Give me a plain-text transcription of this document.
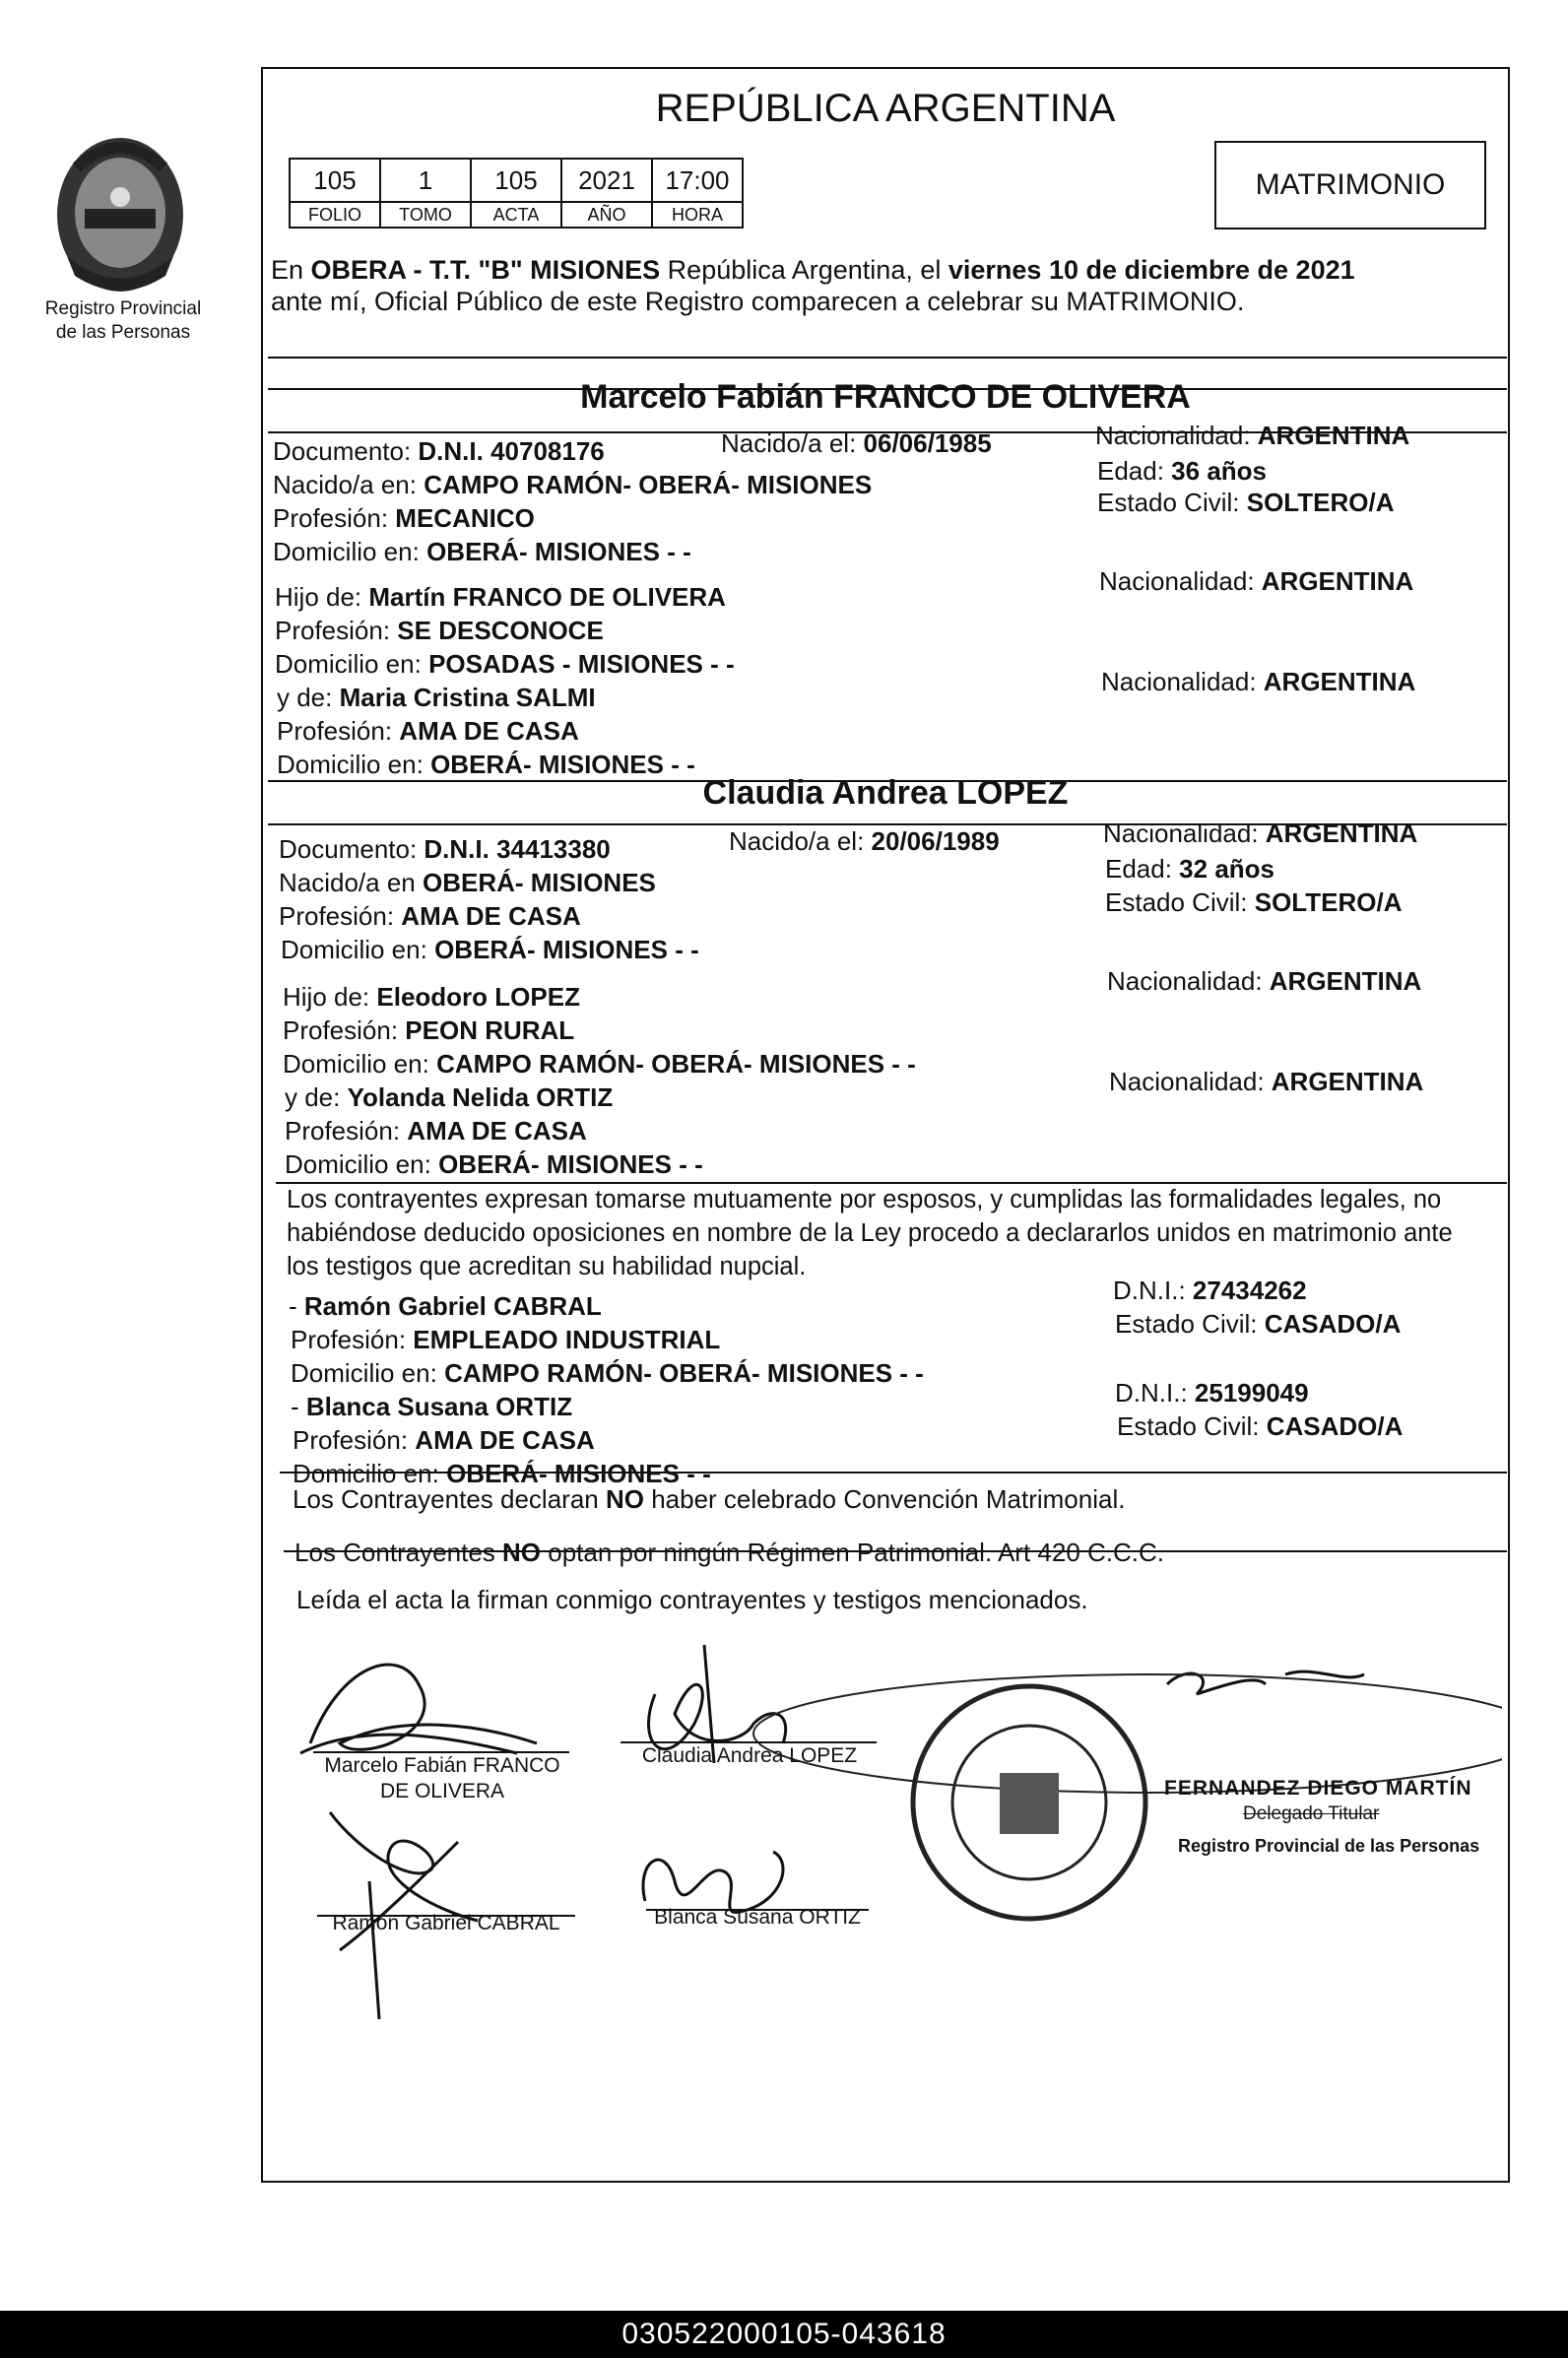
Registro Provincial
de las Personas
REPÚBLICA ARGENTINA
105	1	105	2021	17:00
FOLIO	TOMO	ACTA	AÑO	HORA
MATRIMONIO
En OBERA - T.T. "B" MISIONES República Argentina, el viernes 10 de diciembre de 2021
ante mí, Oficial Público de este Registro comparecen a celebrar su MATRIMONIO.
Marcelo Fabián FRANCO DE OLIVERA
Documento: D.N.I. 40708176	Nacido/a el: 06/06/1985	Nacionalidad: ARGENTINA
Nacido/a en: CAMPO RAMÓN- OBERÁ- MISIONES	Edad: 36 años
Estado Civil: SOLTERO/A
Profesión: MECANICO
Domicilio en: OBERÁ- MISIONES - -
Hijo de: Martín FRANCO DE OLIVERA
Nacionalidad: ARGENTINA
Profesión: SE DESCONOCE
Domicilio en: POSADAS - MISIONES - -
y de: Maria Cristina SALMI
Nacionalidad: ARGENTINA
Profesión: AMA DE CASA
Domicilio en: OBERÁ- MISIONES - -
Claudia Andrea LOPEZ
Documento: D.N.I. 34413380	Nacido/a el: 20/06/1989	Nacionalidad: ARGENTINA
Nacido/a en OBERÁ- MISIONES	Edad: 32 años
Estado Civil: SOLTERO/A
Profesión: AMA DE CASA
Domicilio en: OBERÁ- MISIONES - -
Hijo de: Eleodoro LOPEZ
Nacionalidad: ARGENTINA
Profesión: PEON RURAL
Domicilio en: CAMPO RAMÓN- OBERÁ- MISIONES - -
y de: Yolanda Nelida ORTIZ
Nacionalidad: ARGENTINA
Profesión: AMA DE CASA
Domicilio en: OBERÁ- MISIONES - -
Los contrayentes expresan tomarse mutuamente por esposos, y cumplidas las formalidades legales, no
habiéndose deducido oposiciones en nombre de la Ley procedo a declararlos unidos en matrimonio ante
los testigos que acreditan su habilidad nupcial.
- Ramón Gabriel CABRAL
D.N.I.: 27434262
Estado Civil: CASADO/A
Profesión: EMPLEADO INDUSTRIAL
Domicilio en: CAMPO RAMÓN- OBERÁ- MISIONES - -
- Blanca Susana ORTIZ	D.N.I.: 25199049
Estado Civil: CASADO/A
Profesión: AMA DE CASA
Domicilio en: OBERÁ- MISIONES - -
Los Contrayentes declaran NO haber celebrado Convención Matrimonial.
Los Contrayentes NO optan por ningún Régimen Patrimonial. Art 420 C.C.C.
Leída el acta la firman conmigo contrayentes y testigos mencionados.
Marcelo Fabián FRANCO
DE OLIVERA
Claudia Andrea LOPEZ
Ramón Gabriel CABRAL	Blanca Susana ORTIZ
FERNANDEZ DIEGO MARTÍN
Delegado Titular
Registro Provincial de las Personas
030522000105-043618
